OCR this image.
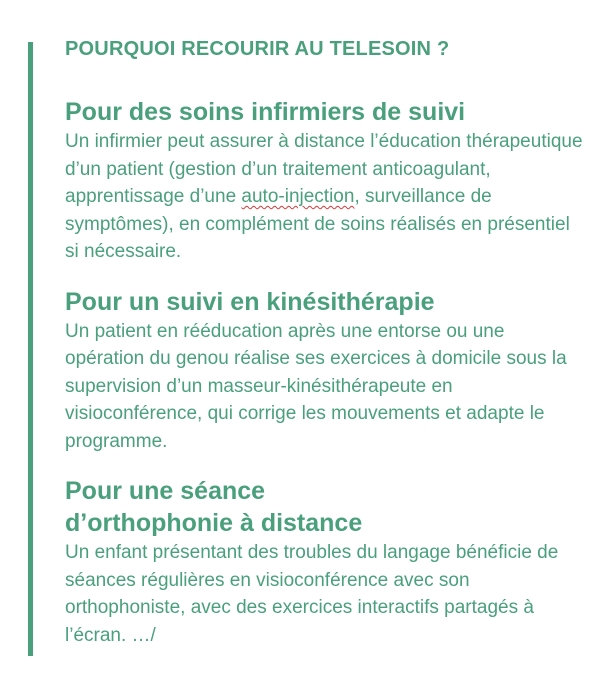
POURQUOI RECOURIR AU TELESOIN ?
Pour des soins infirmiers de suivi

Un infirmier peut assurer à distance l’éducation thérapeutique d’un patient (gestion d’un traitement anticoagulant, apprentissage d’une auto-injection, surveillance de symptômes), en complément de soins réalisés en présentiel si nécessaire.

Pour un suivi en kinésithérapie

Un patient en rééducation après une entorse ou une opération du genou réalise ses exercices à domicile sous la supervision d’un masseur-kinésithérapeute en visioconférence, qui corrige les mouvements et adapte le programme.

Pour une séance
d’orthophonie à distance

Un enfant présentant des troubles du langage bénéficie de séances régulières en visioconférence avec son orthophoniste, avec des exercices interactifs partagés à l’écran. …/
